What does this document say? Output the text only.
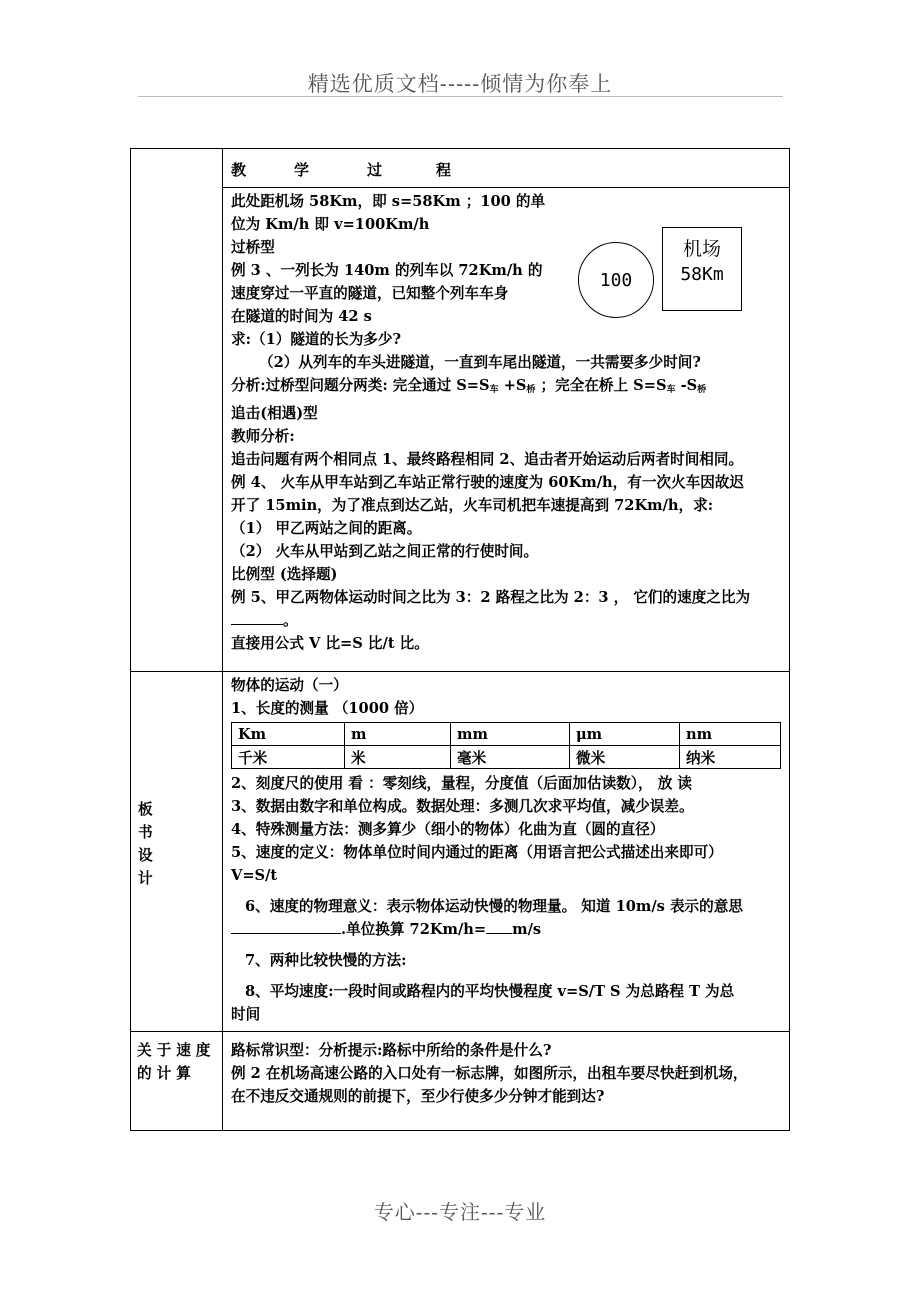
精选优质文档-----倾情为你奉上
教	学	过	程

此处距机场 58Km，即 s=58Km ；100 的单

位为 Km/h 即 v=100Km/h

过桥型

例 3 、一列长为 140m 的列车以 72Km/h 的

速度穿过一平直的隧道，已知整个列车车身

在隧道的时间为 42 s

求:（1）隧道的长为多少?

（2）从列车的车头进隧道，一直到车尾出隧道，一共需要多少时间?

分析:过桥型问题分两类: 完全通过 $S=S_车 +S_桥$ ；完全在桥上 $S=S_车$ $-S_桥$

追击(相遇)型

教师分析:

追击问题有两个相同点 1、最终路程相同 2、追击者开始运动后两者时间相同。

例 4、 火车从甲车站到乙车站正常行驶的速度为 60Km/h，有一次火车因故迟

开了 15min，为了准点到达乙站，火车司机把车速提高到 72Km/h，求:

（1） 甲乙两站之间的距离。

（2） 火车从甲站到乙站之间正常的行使时间。

比例型 (选择题)

例 5、甲乙两物体运动时间之比为 3：2 路程之比为 2：3 ， 它们的速度之比为

。

直接用公式 V 比=S 比/t 比。

100
机场
58Km
板
书
设
计

物体的运动（一）

1、长度的测量 （1000 倍）

Km	m	mm	μm	nm
千米	米	毫米	微米	纳米

2、刻度尺的使用 看 ：零刻线，量程，分度值（后面加估读数）， 放 读

3、数据由数字和单位构成。数据处理：多测几次求平均值，减少误差。

4、特殊测量方法：测多算少（细小的物体）化曲为直（圆的直径）

5、速度的定义：物体单位时间内通过的距离（用语言把公式描述出来即可）

V=S/t

6、速度的物理意义：表示物体运动快慢的物理量。 知道 10m/s 表示的意思

.单位换算 72Km/h= m/s

7、两种比较快慢的方法:

8、平均速度:一段时间或路程内的平均快慢程度 v=S/T S 为总路程 T 为总

时间

关于速度的计算

路标常识型：分析提示:路标中所给的条件是什么?

例 2 在机场高速公路的入口处有一标志牌，如图所示，出租车要尽快赶到机场，

在不违反交通规则的前提下，至少行使多少分钟才能到达?

专心---专注---专业
